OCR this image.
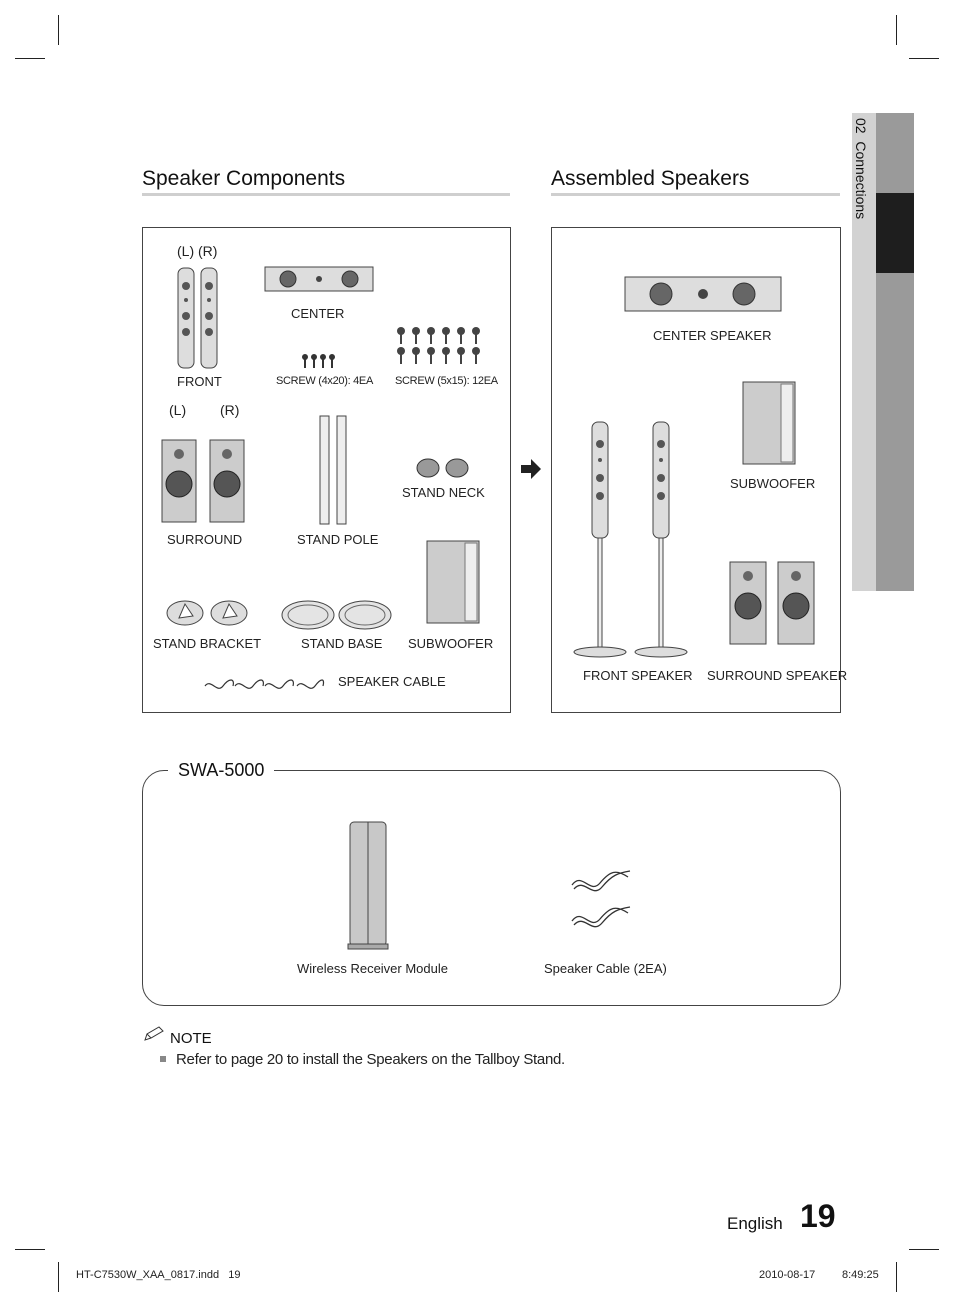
02  Connections
Speaker Components	Assembled Speakers
(L) (R)
FRONT
CENTER
SCREW (4x20): 4EA SCREW (5x15): 12EA
(L) (R)
SURROUND	STAND POLE
STAND NECK
STAND BRACKET	STAND BASE SUBWOOFER
SPEAKER CABLE
CENTER SPEAKER
SUBWOOFER
FRONT SPEAKER SURROUND SPEAKER
SWA-5000
Wireless Receiver Module	Speaker Cable (2EA)
NOTE
Refer to page 20 to install the Speakers on the Tallboy Stand.
English 19
HT-C7530W_XAA_0817.indd   19	2010-08-17 8:49:25
